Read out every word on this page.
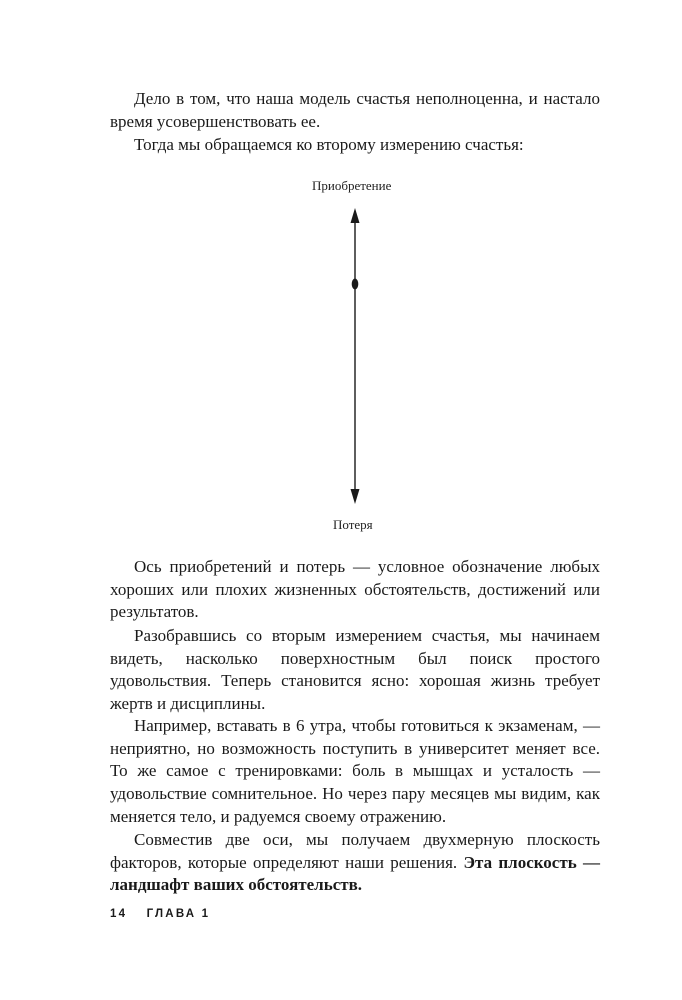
Дело в том, что наша модель счастья неполноценна, и настало время усовершенствовать ее.

Тогда мы обращаемся ко второму измерению счастья:

Приобретение
Потеря

Ось приобретений и потерь — условное обозначение любых хороших или плохих жизненных обстоятельств, достижений или результатов.

Разобравшись со вторым измерением счастья, мы начинаем видеть, насколько поверхностным был поиск простого удовольствия. Теперь становится ясно: хорошая жизнь требует жертв и дисциплины.

Например, вставать в 6 утра, чтобы готовиться к экзаменам, — неприятно, но возможность поступить в университет меняет все. То же самое с тренировками: боль в мышцах и усталость — удовольствие сомнительное. Но через пару месяцев мы видим, как меняется тело, и радуемся своему отражению.

Совместив две оси, мы получаем двухмерную плоскость факторов, которые определяют наши решения. Эта плоскость — ландшафт ваших обстоятельств.

14 ГЛАВА 1
